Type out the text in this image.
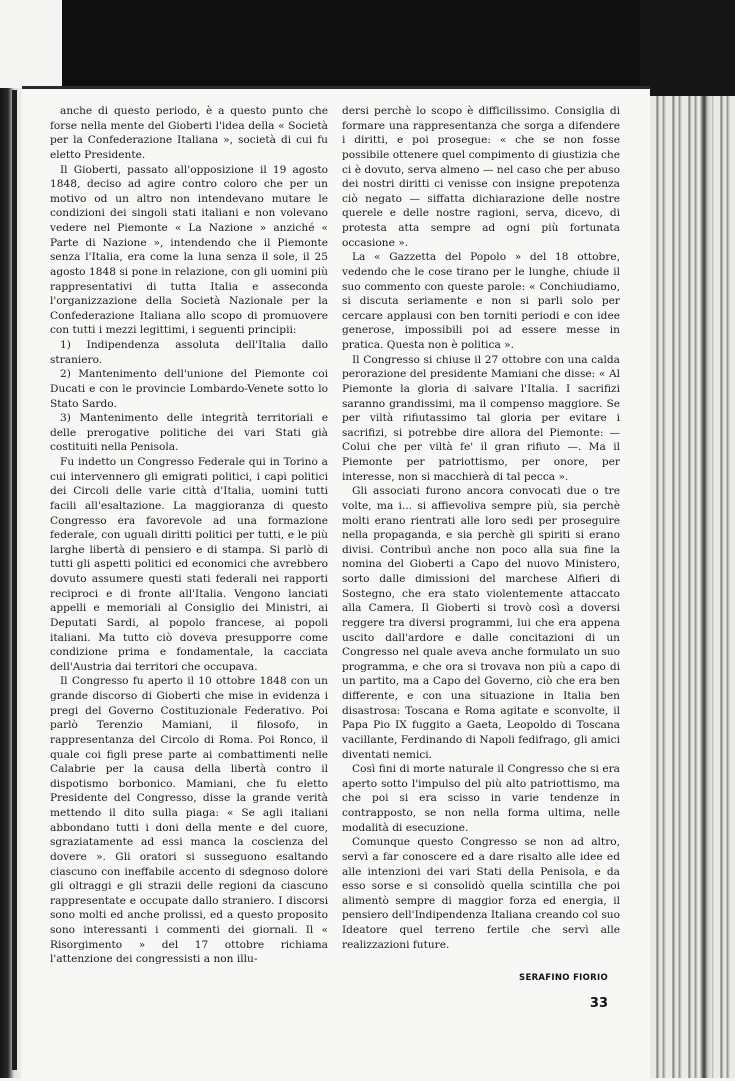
anche di questo periodo, è a questo punto che forse nella mente del Gioberti l'idea della « Società per la Confederazione Italiana », società di cui fu eletto Presidente.

Il Gioberti, passato all'opposizione il 19 agosto 1848, deciso ad agire contro coloro che per un motivo od un altro non intendevano mutare le condizioni dei singoli stati italiani e non volevano vedere nel Piemonte « La Nazione » anziché « Parte di Nazione », intendendo che il Piemonte senza l'Italia, era come la luna senza il sole, il 25 agosto 1848 si pone in relazione, con gli uomini più rappresentativi di tutta Italia e asseconda l'organizzazione della Società Nazionale per la Confederazione Italiana allo scopo di promuovere con tutti i mezzi legittimi, i seguenti principii:

1) Indipendenza assoluta dell'Italia dallo straniero.

2) Mantenimento dell'unione del Piemonte coi Ducati e con le provincie Lombardo-Venete sotto lo Stato Sardo.

3) Mantenimento delle integrità territoriali e delle prerogative politiche dei vari Stati già costituiti nella Penisola.

Fu indetto un Congresso Federale qui in Torino a cui intervennero gli emigrati politici, i capi politici dei Circoli delle varie città d'Italia, uomini tutti facili all'esaltazione. La maggioranza di questo Congresso era favorevole ad una formazione federale, con uguali diritti politici per tutti, e le più larghe libertà di pensiero e di stampa. Si parlò di tutti gli aspetti politici ed economici che avrebbero dovuto assumere questi stati federali nei rapporti reciproci e di fronte all'Italia. Vengono lanciati appelli e memoriali al Consiglio dei Ministri, ai Deputati Sardi, al popolo francese, ai popoli italiani. Ma tutto ciò doveva presupporre come condizione prima e fondamentale, la cacciata dell'Austria dai territori che occupava.

Il Congresso fu aperto il 10 ottobre 1848 con un grande discorso di Gioberti che mise in evidenza i pregi del Governo Costituzionale Federativo. Poi parlò Terenzio Mamiani, il filosofo, in rappresentanza del Circolo di Roma. Poi Ronco, il quale coi figli prese parte ai combattimenti nelle Calabrie per la causa della libertà contro il dispotismo borbonico. Mamiani, che fu eletto Presidente del Congresso, disse la grande verità mettendo il dito sulla piaga: « Se agli italiani abbondano tutti i doni della mente e del cuore, sgraziatamente ad essi manca la coscienza del dovere ». Gli oratori si susseguono esaltando ciascuno con ineffabile accento di sdegnoso dolore gli oltraggi e gli strazii delle regioni da ciascuno rappresentate e occupate dallo straniero. I discorsi sono molti ed anche prolissi, ed a questo proposito sono interessanti i commenti dei giornali. Il « Risorgimento » del 17 ottobre richiama l'attenzione dei congressisti a non illu-

dersi perchè lo scopo è difficilissimo. Consiglia di formare una rappresentanza che sorga a difendere i diritti, e poi prosegue: « che se non fosse possibile ottenere quel compimento di giustizia che ci è dovuto, serva almeno — nel caso che per abuso dei nostri diritti ci venisse con insigne prepotenza ciò negato — siffatta dichiarazione delle nostre querele e delle nostre ragioni, serva, dicevo, di protesta atta sempre ad ogni più fortunata occasione ».

La « Gazzetta del Popolo » del 18 ottobre, vedendo che le cose tirano per le lunghe, chiude il suo commento con queste parole: « Conchiudiamo, si discuta seriamente e non si parli solo per cercare applausi con ben torniti periodi e con idee generose, impossibili poi ad essere messe in pratica. Questa non è politica ».

Il Congresso si chiuse il 27 ottobre con una calda perorazione del presidente Mamiani che disse: « Al Piemonte la gloria di salvare l'Italia. I sacrifizi saranno grandissimi, ma il compenso maggiore. Se per viltà rifiutassimo tal gloria per evitare i sacrifizi, si potrebbe dire allora del Piemonte: — Colui che per viltà fe' il gran rifiuto —. Ma il Piemonte per patriottismo, per onore, per interesse, non si macchierà di tal pecca ».

Gli associati furono ancora convocati due o tre volte, ma i... si affievoliva sempre più, sia perchè molti erano rientrati alle loro sedi per proseguire nella propaganda, e sia perchè gli spiriti si erano divisi. Contribuì anche non poco alla sua fine la nomina del Gioberti a Capo del nuovo Ministero, sorto dalle dimissioni del marchese Alfieri di Sostegno, che era stato violentemente attaccato alla Camera. Il Gioberti si trovò così a doversi reggere tra diversi programmi, lui che era appena uscito dall'ardore e dalle concitazioni di un Congresso nel quale aveva anche formulato un suo programma, e che ora si trovava non più a capo di un partito, ma a Capo del Governo, ciò che era ben differente, e con una situazione in Italia ben disastrosa: Toscana e Roma agitate e sconvolte, il Papa Pio IX fuggito a Gaeta, Leopoldo di Toscana vacillante, Ferdinando di Napoli fedifrago, gli amici diventati nemici.

Così fini di morte naturale il Congresso che si era aperto sotto l'impulso del più alto patriottismo, ma che poi si era scisso in varie tendenze in contrapposto, se non nella forma ultima, nelle modalità di esecuzione.

Comunque questo Congresso se non ad altro, servì a far conoscere ed a dare risalto alle idee ed alle intenzioni dei vari Stati della Penisola, e da esso sorse e si consolidò quella scintilla che poi alimentò sempre di maggior forza ed energia, il pensiero dell'Indipendenza Italiana creando col suo Ideatore quel terreno fertile che servì alle realizzazioni future.

SERAFINO FIORIO
33
